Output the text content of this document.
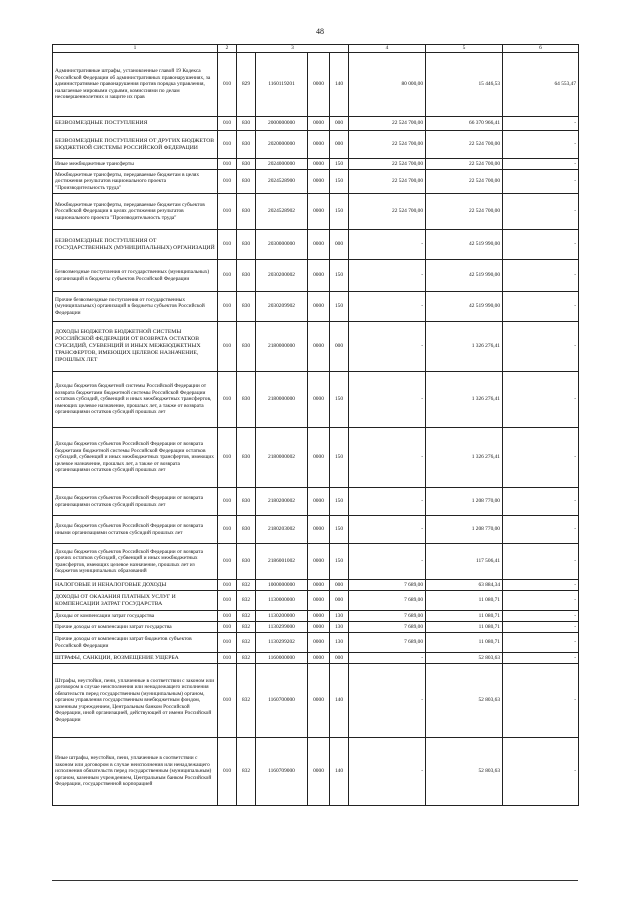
48
1	2	3				4	5	6
Административные штрафы, установленные главой 19 Кодекса Российской Федерации об административных правонарушениях, за административные правонарушения против порядка управления, налагаемые мировыми судьями, комиссиями по делам несовершеннолетних и защите их прав	010	829	1160119201	0000	140	80 000,00	15 446,53	64 553,47
БЕЗВОЗМЕЗДНЫЕ ПОСТУПЛЕНИЯ	010	830	2000000000	0000	000	22 524 700,00	66 370 966,41	-
БЕЗВОЗМЕЗДНЫЕ ПОСТУПЛЕНИЯ ОТ ДРУГИХ БЮДЖЕТОВ БЮДЖЕТНОЙ СИСТЕМЫ РОССИЙСКОЙ ФЕДЕРАЦИИ	010	830	2020000000	0000	000	22 524 700,00	22 524 700,00	-
Иные межбюджетные трансферты	010	830	2024000000	0000	150	22 524 700,00	22 524 700,00	-
Межбюджетные трансферты, передаваемые бюджетам в целях достижения результатов национального проекта "Производительность труда"	010	830	2024528900	0000	150	22 524 700,00	22 524 700,00	-
Межбюджетные трансферты, передаваемые бюджетам субъектов Российской Федерации в целях достижения результатов национального проекта "Производительность труда"	010	830	2024528902	0000	150	22 524 700,00	22 524 700,00	-
БЕЗВОЗМЕЗДНЫЕ ПОСТУПЛЕНИЯ ОТ ГОСУДАРСТВЕННЫХ (МУНИЦИПАЛЬНЫХ) ОРГАНИЗАЦИЙ	010	830	2030000000	0000	000	-	42 519 990,00	-
Безвозмездные поступления от государственных (муниципальных) организаций в бюджеты субъектов Российской Федерации	010	830	2030200002	0000	150	-	42 519 990,00	-
Прочие безвозмездные поступления от государственных (муниципальных) организаций в бюджеты субъектов Российской Федерации	010	830	2030209902	0000	150	-	42 519 990,00	-
ДОХОДЫ БЮДЖЕТОВ БЮДЖЕТНОЙ СИСТЕМЫ РОССИЙСКОЙ ФЕДЕРАЦИИ ОТ ВОЗВРАТА ОСТАТКОВ СУБСИДИЙ, СУБВЕНЦИЙ И ИНЫХ МЕЖБЮДЖЕТНЫХ ТРАНСФЕРТОВ, ИМЕЮЩИХ ЦЕЛЕВОЕ НАЗНАЧЕНИЕ, ПРОШЛЫХ ЛЕТ	010	830	2180000000	0000	000	-	1 326 276,41	-
Доходы бюджетов бюджетной системы Российской Федерации от возврата бюджетами бюджетной системы Российской Федерации остатков субсидий, субвенций и иных межбюджетных трансфертов, имеющих целевое назначение, прошлых лет, а также от возврата организациями остатков субсидий прошлых лет	010	830	2180000000	0000	150	-	1 326 276,41	-
Доходы бюджетов субъектов Российской Федерации от возврата бюджетами бюджетной системы Российской Федерации остатков субсидий, субвенций и иных межбюджетных трансфертов, имеющих целевое назначение, прошлых лет, а также от возврата организациями остатков субсидий прошлых лет	010	830	2180000002	0000	150	-	1 326 276,41	-
Доходы бюджетов субъектов Российской Федерации от возврата организациями остатков субсидий прошлых лет	010	830	2180200002	0000	150	-	1 208 770,00	-
Доходы бюджетов субъектов Российской Федерации от возврата иными организациями остатков субсидий прошлых лет	010	830	2180203002	0000	150	-	1 208 770,00	-
Доходы бюджетов субъектов Российской Федерации от возврата прочих остатков субсидий, субвенций и иных межбюджетных трансфертов, имеющих целевое назначение, прошлых лет из бюджетов муниципальных образований	010	830	2186001002	0000	150	-	117 506,41	-
НАЛОГОВЫЕ И НЕНАЛОГОВЫЕ ДОХОДЫ	010	832	1000000000	0000	000	7 689,00	63 884,34	-
ДОХОДЫ ОТ ОКАЗАНИЯ ПЛАТНЫХ УСЛУГ И КОМПЕНСАЦИИ ЗАТРАТ ГОСУДАРСТВА	010	832	1130000000	0000	000	7 689,00	11 080,71	-
Доходы от компенсации затрат государства	010	832	1130200000	0000	130	7 689,00	11 080,71	-
Прочие доходы от компенсации затрат государства	010	832	1130299000	0000	130	7 689,00	11 080,71	-
Прочие доходы от компенсации затрат бюджетов субъектов Российской Федерации	010	832	1130299202	0000	130	7 689,00	11 080,71	-
ШТРАФЫ, САНКЦИИ, ВОЗМЕЩЕНИЕ УЩЕРБА	010	832	1160000000	0000	000	-	52 803,63	-
Штрафы, неустойки, пени, уплаченные в соответствии с законом или договором в случае неисполнения или ненадлежащего исполнения обязательств перед государственным (муниципальным) органом, органом управления государственным внебюджетным фондом, казенным учреждением, Центральным банком Российской Федерации, иной организацией, действующей от имени Российской Федерации	010	832	1160700000	0000	140	-	52 803,63	-
Иные штрафы, неустойки, пени, уплаченные в соответствии с законом или договором в случае неисполнения или ненадлежащего исполнения обязательств перед государственным (муниципальным) органом, казенным учреждением, Центральным банком Российской Федерации, государственной корпорацией	010	832	1160709000	0000	140	-	52 803,63	-
